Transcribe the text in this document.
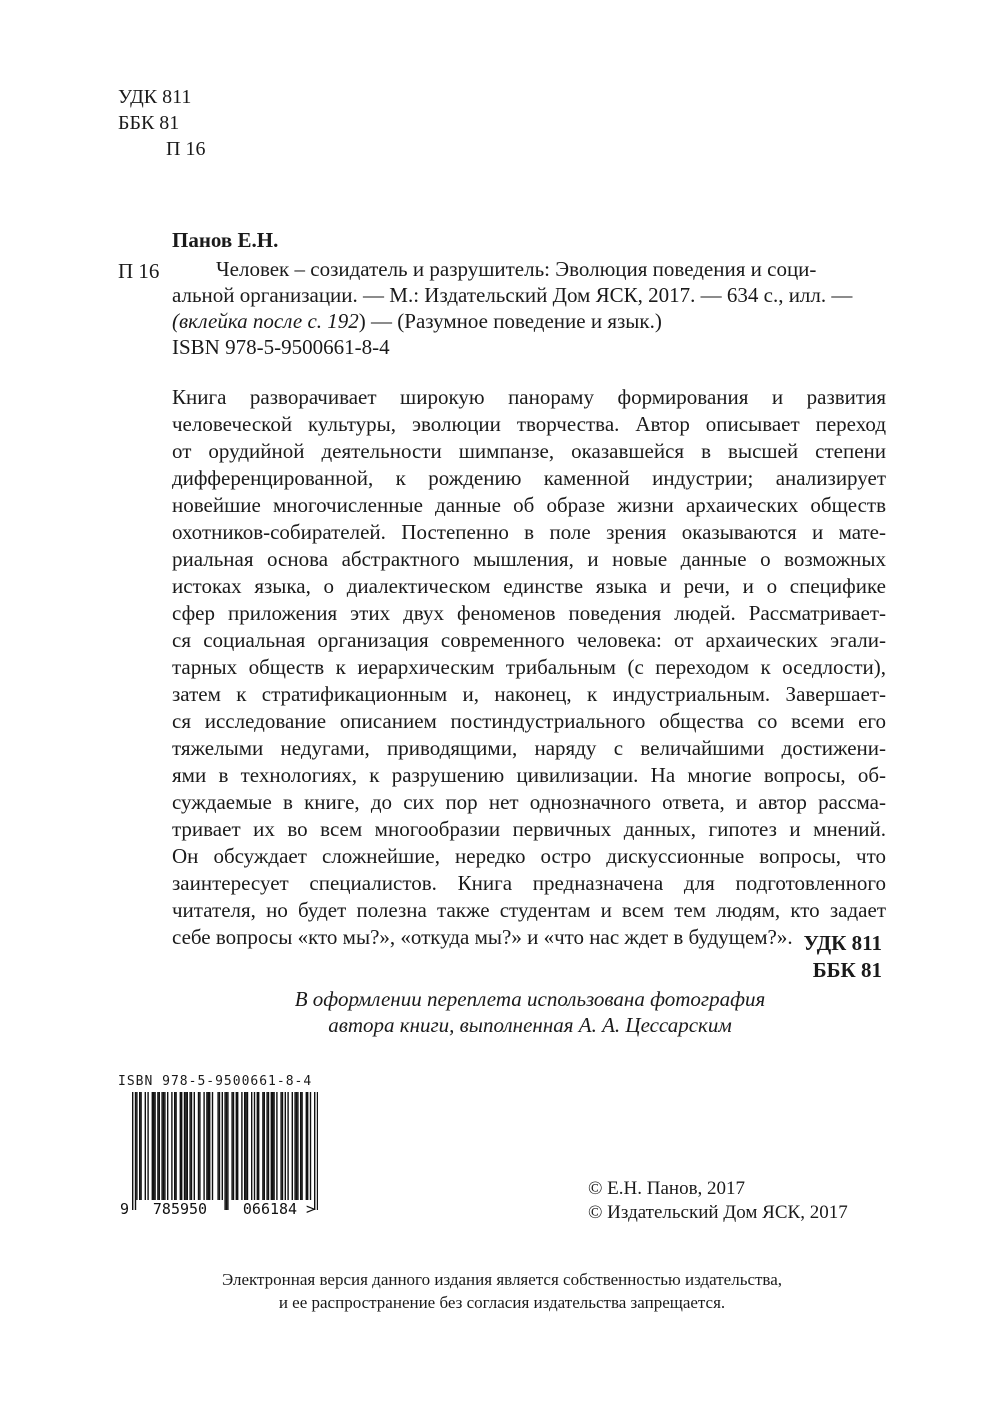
УДК 811

ББК 81

П 16

Панов Е.Н.

П 16	Человек – созидатель и разрушитель: Эволюция поведения и соци-

альной организации. — М.: Издательский Дом ЯСК, 2017. — 634 с., илл. —

(вклейка после с. 192) — (Разумное поведение и язык.)

ISBN 978-5-9500661-8-4

Книга разворачивает широкую панораму формирования и развития
человеческой культуры, эволюции творчества. Автор описывает переход
от орудийной деятельности шимпанзе, оказавшейся в высшей степени
дифференцированной, к рождению каменной индустрии; анализирует
новейшие многочисленные данные об образе жизни архаических обществ
охотников-собирателей. Постепенно в поле зрения оказываются и мате-
риальная основа абстрактного мышления, и новые данные о возможных
истоках языка, о диалектическом единстве языка и речи, и о специфике
сфер приложения этих двух феноменов поведения людей. Рассматривает-
ся социальная организация современного человека: от архаических эгали-
тарных обществ к иерархическим трибальным (с переходом к оседлости),
затем к стратификационным и, наконец, к индустриальным. Завершает-
ся исследование описанием постиндустриального общества со всеми его
тяжелыми недугами, приводящими, наряду с величайшими достижени-
ями в технологиях, к разрушению цивилизации. На многие вопросы, об-
суждаемые в книге, до сих пор нет однозначного ответа, и автор рассма-
тривает их во всем многообразии первичных данных, гипотез и мнений.
Он обсуждает сложнейшие, нередко остро дискуссионные вопросы, что
заинтересует специалистов. Книга предназначена для подготовленного
читателя, но будет полезна также студентам и всем тем людям, кто задает
себе вопросы «кто мы?», «откуда мы?» и «что нас ждет в будущем?». УДК 811

ББК 81

В оформлении переплета использована фотография

автора книги, выполненная А. А. Цессарским

ISBN 978-5-9500661-8-4
9 785950 066184 >

© Е.Н. Панов, 2017

© Издательский Дом ЯСК, 2017

Электронная версия данного издания является собственностью издательства,

и ее распространение без согласия издательства запрещается.
